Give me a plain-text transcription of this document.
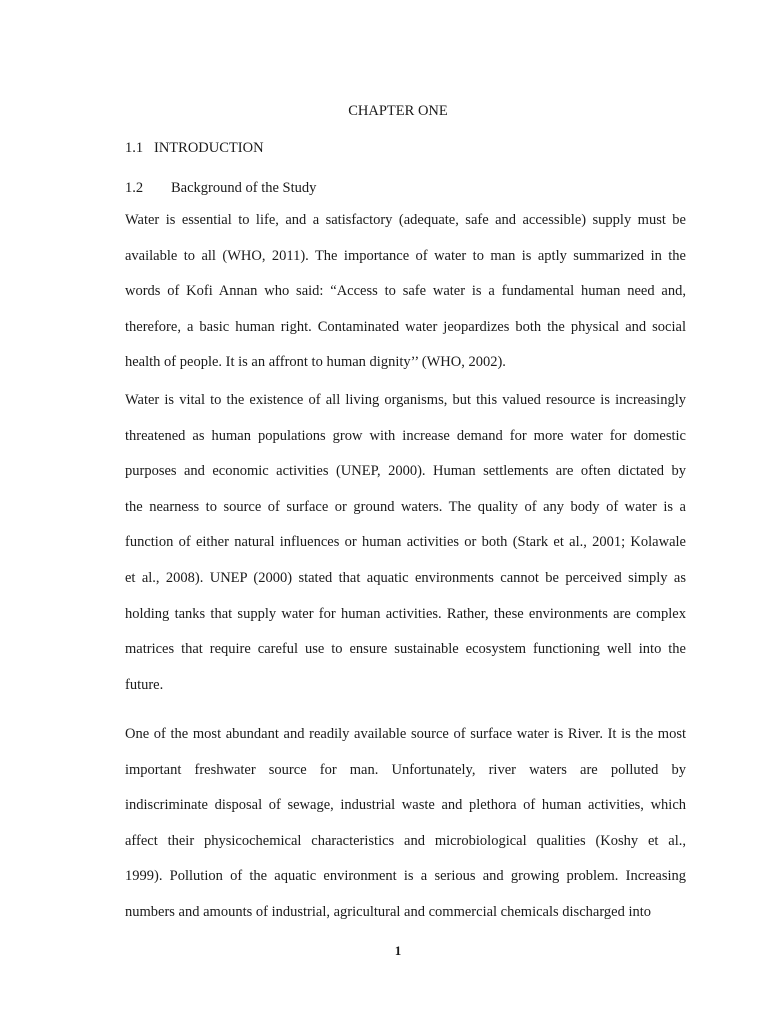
CHAPTER ONE
1.1 INTRODUCTION
1.2 Background of the Study
Water is essential to life, and a satisfactory (adequate, safe and accessible) supply must be
available to all (WHO, 2011). The importance of water to man is aptly summarized in the
words of Kofi Annan who said: “Access to safe water is a fundamental human need and,
therefore, a basic human right. Contaminated water jeopardizes both the physical and social
health of people. It is an affront to human dignity’’ (WHO, 2002).
Water is vital to the existence of all living organisms, but this valued resource is increasingly
threatened as human populations grow with increase demand for more water for domestic
purposes and economic activities (UNEP, 2000). Human settlements are often dictated by
the nearness to source of surface or ground waters. The quality of any body of water is a
function of either natural influences or human activities or both (Stark et al., 2001; Kolawale
et al., 2008). UNEP (2000) stated that aquatic environments cannot be perceived simply as
holding tanks that supply water for human activities. Rather, these environments are complex
matrices that require careful use to ensure sustainable ecosystem functioning well into the
future.
One of the most abundant and readily available source of surface water is River. It is the most
important freshwater source for man. Unfortunately, river waters are polluted by
indiscriminate disposal of sewage, industrial waste and plethora of human activities, which
affect their physicochemical characteristics and microbiological qualities (Koshy et al.,
1999). Pollution of the aquatic environment is a serious and growing problem. Increasing
numbers and amounts of industrial, agricultural and commercial chemicals discharged into
1
